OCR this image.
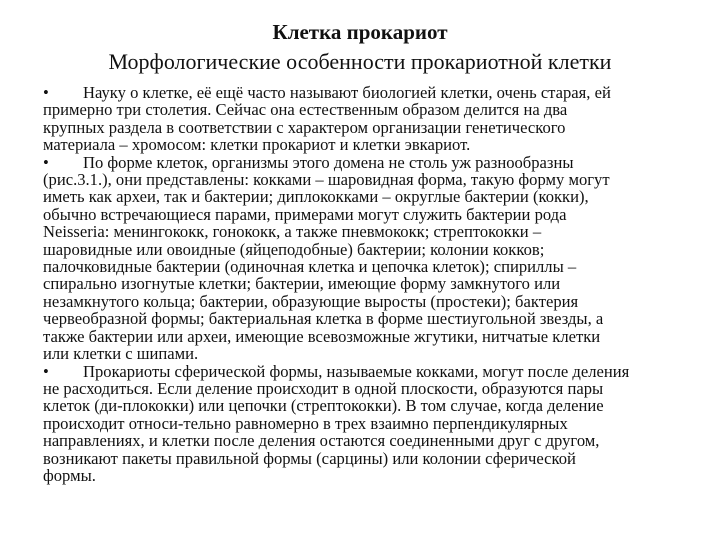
Клетка прокариот
Морфологические особенности прокариотной клетки
• Науку о клетке, её ещё часто называют биологией клетки, очень старая, ей
примерно три столетия. Сейчас она естественным образом делится на два
крупных раздела в соответствии с характером организации генетического
материала – хромосом: клетки прокариот и клетки эвкариот.
• По форме клеток, организмы этого домена не столь уж разнообразны
(рис.3.1.), они представлены: кокками – шаровидная форма, такую форму могут
иметь как археи, так и бактерии; диплококками – округлые бактерии (кокки),
обычно встречающиеся парами, примерами могут служить бактерии рода
Neisseria: менингококк, гонококк, а также пневмококк; стрептококки –
шаровидные или овоидные (яйцеподобные) бактерии; колонии кокков;
палочковидные бактерии (одиночная клетка и цепочка клеток); спириллы –
спирально изогнутые клетки; бактерии, имеющие форму замкнутого или
незамкнутого кольца; бактерии, образующие выросты (простеки); бактерия
червеобразной формы; бактериальная клетка в форме шестиугольной звезды, а
также бактерии или археи, имеющие всевозможные жгутики, нитчатые клетки
или клетки с шипами.
• Прокариоты сферической формы, называемые кокками, могут после деления
не расходиться. Если деление происходит в одной плоскости, образуются пары
клеток (ди-плококки) или цепочки (стрептококки). В том случае, когда деление
происходит относи-тельно равномерно в трех взаимно перпендикулярных
направлениях, и клетки после деления остаются соединенными друг с другом,
возникают пакеты правильной формы (сарцины) или колонии сферической
формы.
